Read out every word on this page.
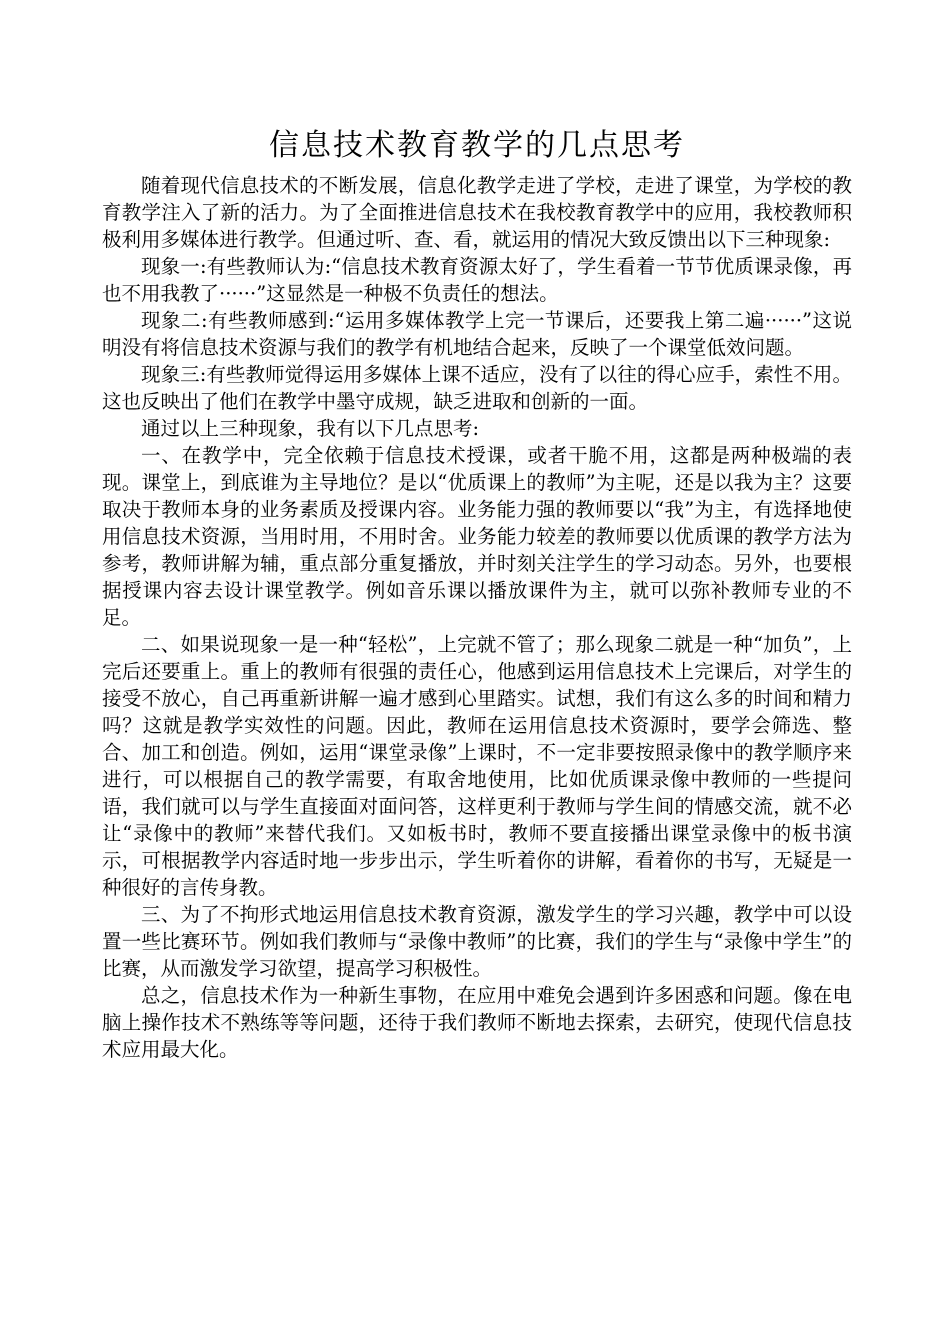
信息技术教育教学的几点思考

随着现代信息技术的不断发展，信息化教学走进了学校，走进了课堂，为学校的教育教学注入了新的活力。为了全面推进信息技术在我校教育教学中的应用，我校教师积极利用多媒体进行教学。但通过听、查、看，就运用的情况大致反馈出以下三种现象:

现象一:有些教师认为:“信息技术教育资源太好了，学生看着一节节优质课录像，再也不用我教了······”这显然是一种极不负责任的想法。

现象二:有些教师感到:“运用多媒体教学上完一节课后，还要我上第二遍······”这说明没有将信息技术资源与我们的教学有机地结合起来，反映了一个课堂低效问题。

现象三:有些教师觉得运用多媒体上课不适应，没有了以往的得心应手，索性不用。这也反映出了他们在教学中墨守成规，缺乏进取和创新的一面。

通过以上三种现象，我有以下几点思考:

一、在教学中，完全依赖于信息技术授课，或者干脆不用，这都是两种极端的表现。课堂上，到底谁为主导地位？是以“优质课上的教师”为主呢，还是以我为主？这要取决于教师本身的业务素质及授课内容。业务能力强的教师要以“我”为主，有选择地使用信息技术资源，当用时用，不用时舍。业务能力较差的教师要以优质课的教学方法为参考，教师讲解为辅，重点部分重复播放，并时刻关注学生的学习动态。另外，也要根据授课内容去设计课堂教学。例如音乐课以播放课件为主，就可以弥补教师专业的不足。

二、如果说现象一是一种“轻松”，上完就不管了；那么现象二就是一种“加负”，上完后还要重上。重上的教师有很强的责任心，他感到运用信息技术上完课后，对学生的接受不放心，自己再重新讲解一遍才感到心里踏实。试想，我们有这么多的时间和精力吗？这就是教学实效性的问题。因此，教师在运用信息技术资源时，要学会筛选、整合、加工和创造。例如，运用“课堂录像”上课时，不一定非要按照录像中的教学顺序来进行，可以根据自己的教学需要，有取舍地使用，比如优质课录像中教师的一些提问语，我们就可以与学生直接面对面问答，这样更利于教师与学生间的情感交流，就不必让“录像中的教师”来替代我们。又如板书时，教师不要直接播出课堂录像中的板书演示，可根据教学内容适时地一步步出示，学生听着你的讲解，看着你的书写，无疑是一种很好的言传身教。

三、为了不拘形式地运用信息技术教育资源，激发学生的学习兴趣，教学中可以设置一些比赛环节。例如我们教师与“录像中教师”的比赛，我们的学生与“录像中学生”的比赛，从而激发学习欲望，提高学习积极性。

总之，信息技术作为一种新生事物，在应用中难免会遇到许多困惑和问题。像在电脑上操作技术不熟练等等问题，还待于我们教师不断地去探索，去研究，使现代信息技术应用最大化。
